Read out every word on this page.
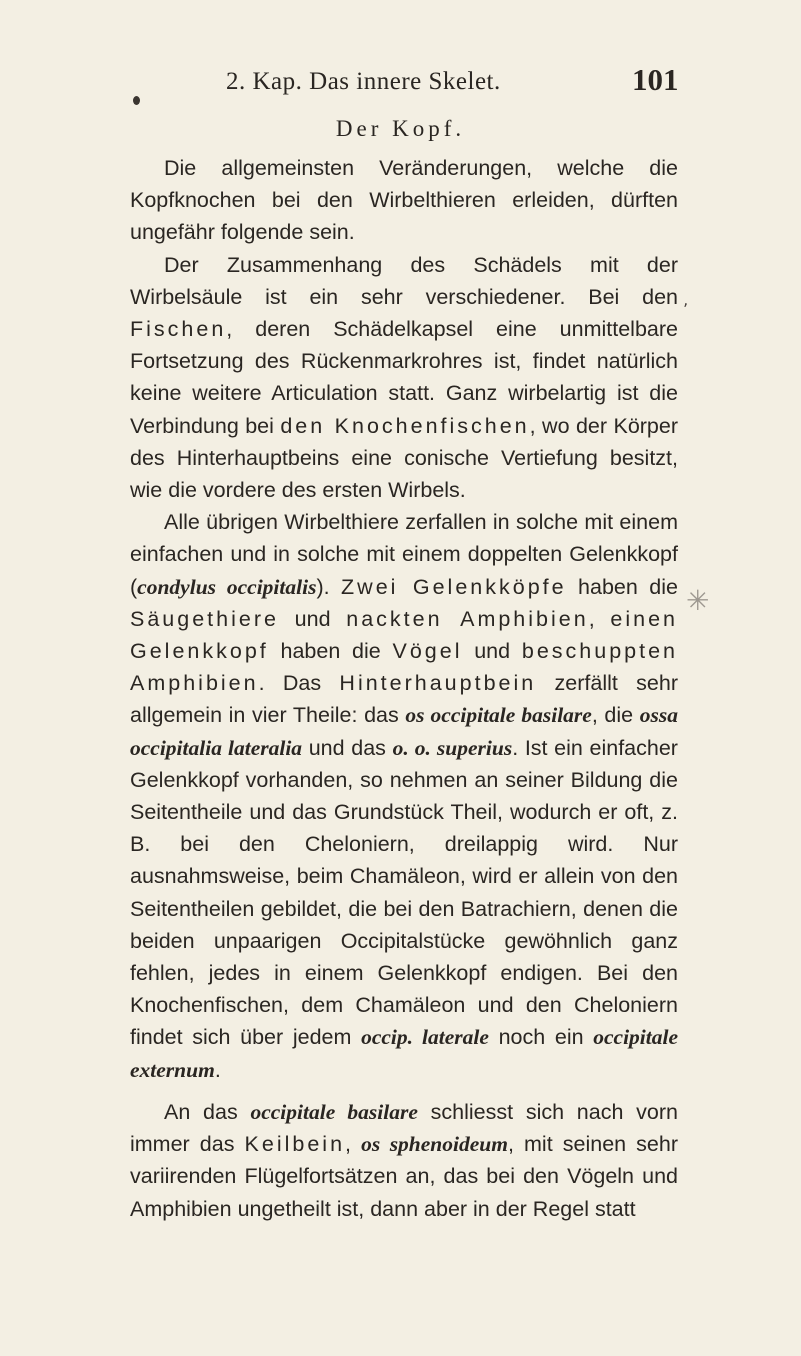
2. Kap. Das innere Skelet.	101
Der Kopf.

Die allgemeinsten Veränderungen, welche die Kopfknochen bei den Wirbelthieren erleiden, dürften ungefähr folgende sein.

Der Zusammenhang des Schädels mit der Wirbelsäule ist ein sehr verschiedener. Bei den Fischen, deren Schädelkapsel eine unmittelbare Fortsetzung des Rückenmarkrohres ist, findet natürlich keine weitere Articulation statt. Ganz wirbelartig ist die Verbindung bei den Knochenfischen, wo der Körper des Hinterhauptbeins eine conische Vertiefung besitzt, wie die vordere des ersten Wirbels.

Alle übrigen Wirbelthiere zerfallen in solche mit einem einfachen und in solche mit einem doppelten Gelenkkopf (condylus occipitalis). Zwei Gelenkköpfe haben die Säugethiere und nackten Amphibien, einen Gelenkkopf haben die Vögel und beschuppten Amphibien. Das Hinterhauptbein zerfällt sehr allgemein in vier Theile: das os occipitale basilare, die ossa occipitalia lateralia und das o. o. superius. Ist ein einfacher Gelenkkopf vorhanden, so nehmen an seiner Bildung die Seitentheile und das Grundstück Theil, wodurch er oft, z. B. bei den Cheloniern, dreilappig wird. Nur ausnahmsweise, beim Chamäleon, wird er allein von den Seitentheilen gebildet, die bei den Batrachiern, denen die beiden unpaarigen Occipitalstücke gewöhnlich ganz fehlen, jedes in einem Gelenkkopf endigen. Bei den Knochenfischen, dem Chamäleon und den Cheloniern findet sich über jedem occip. laterale noch ein occipitale externum.

An das occipitale basilare schliesst sich nach vorn immer das Keilbein, os sphenoideum, mit seinen sehr variirenden Flügelfortsätzen an, das bei den Vögeln und Amphibien ungetheilt ist, dann aber in der Regel statt

ʼ
✳
